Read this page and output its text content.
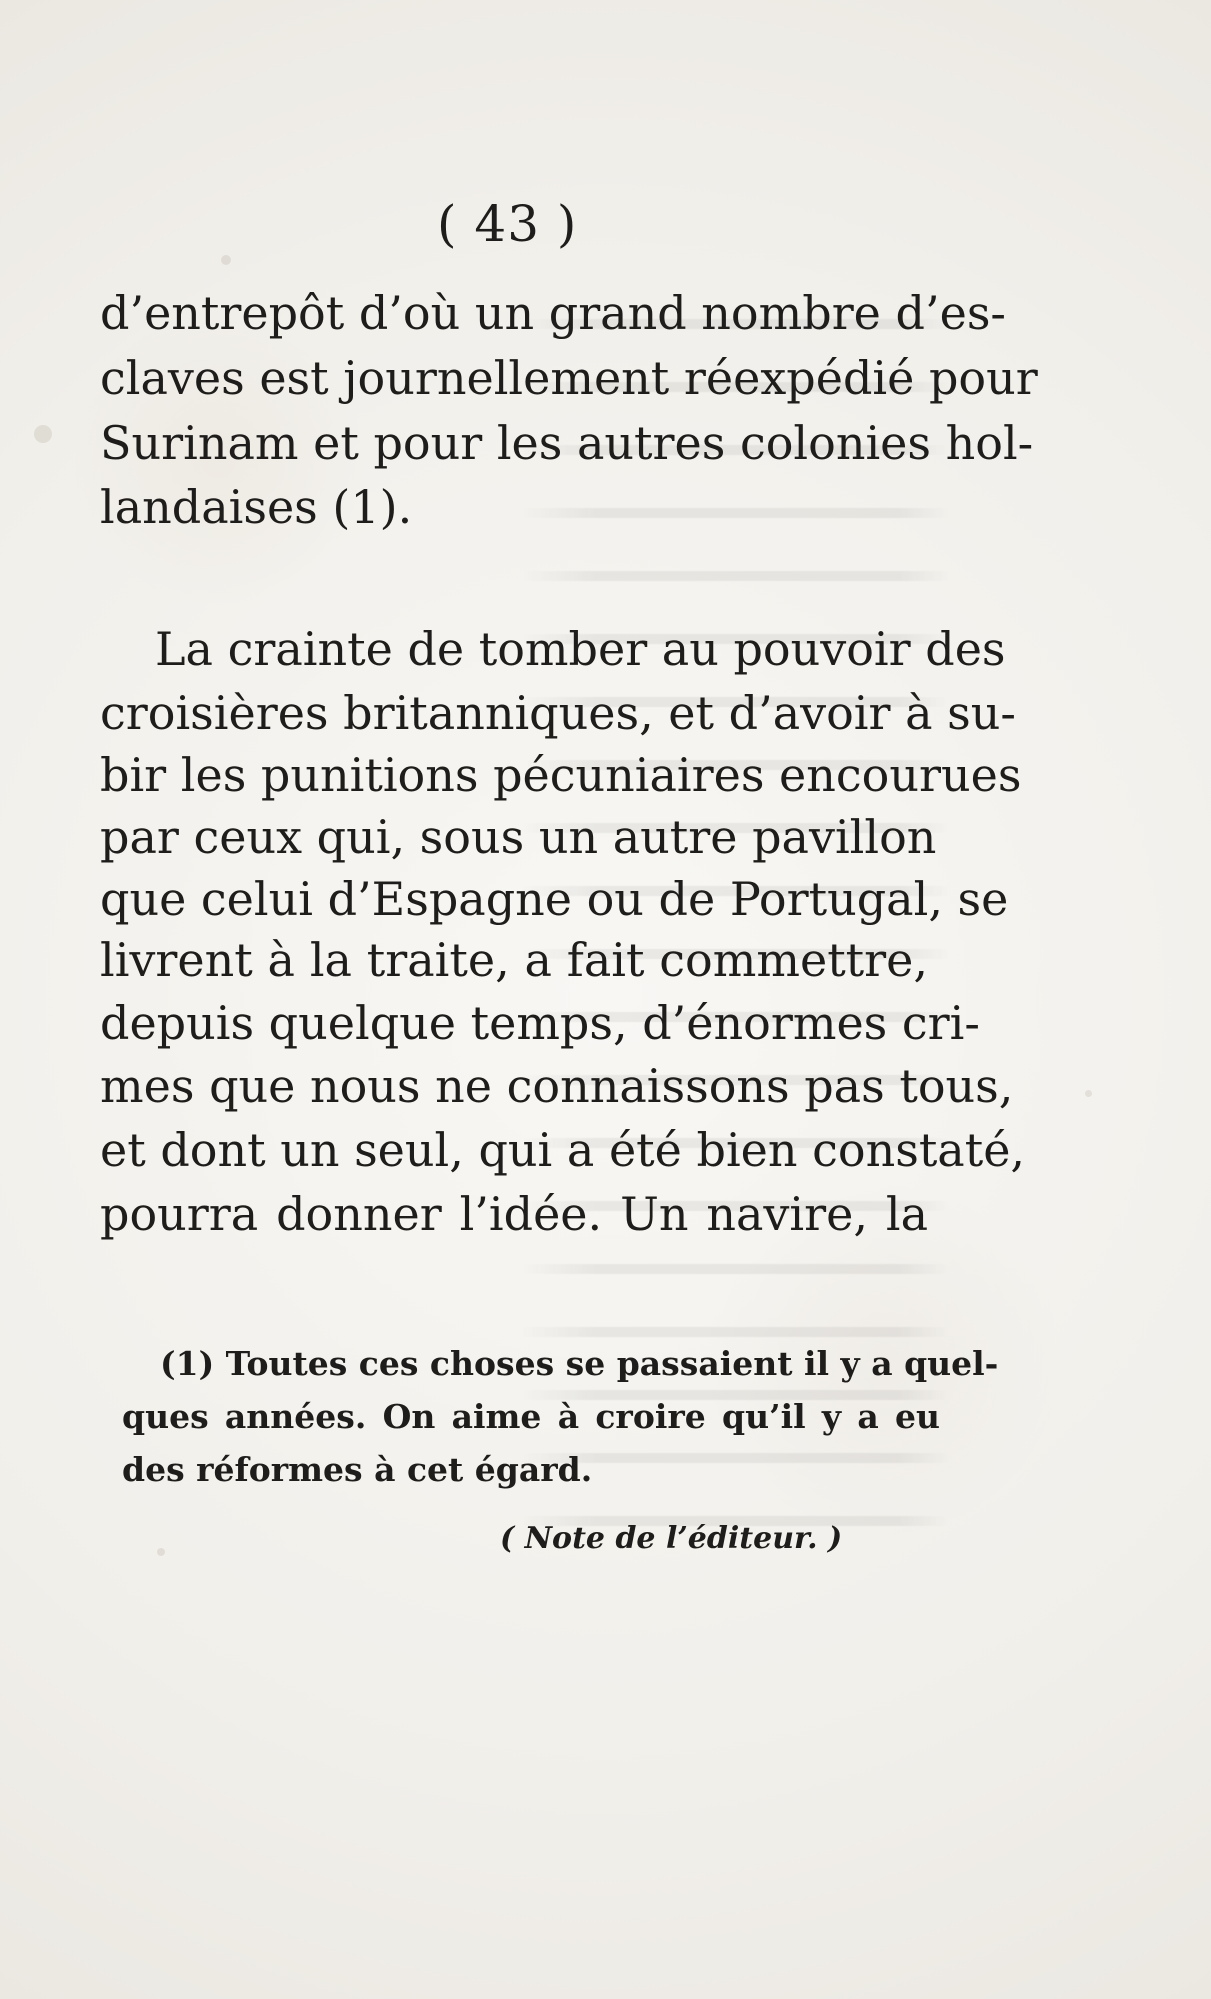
( 43 )

d’entrepôt d’où un grand nombre d’es-

claves est journellement réexpédié pour

Surinam et pour les autres colonies hol-

landaises (1).

La crainte de tomber au pouvoir des

croisières britanniques, et d’avoir à su-

bir les punitions pécuniaires encourues

par ceux qui, sous un autre pavillon

que celui d’Espagne ou de Portugal, se

livrent à la traite, a fait commettre,

depuis quelque temps, d’énormes cri-

mes que nous ne connaissons pas tous,

et dont un seul, qui a été bien constaté,

pourra donner l’idée. Un navire, la

(1) Toutes ces choses se passaient il y a quel-

ques années. On aime à croire qu’il y a eu

des réformes à cet égard.

( Note de l’éditeur. )
